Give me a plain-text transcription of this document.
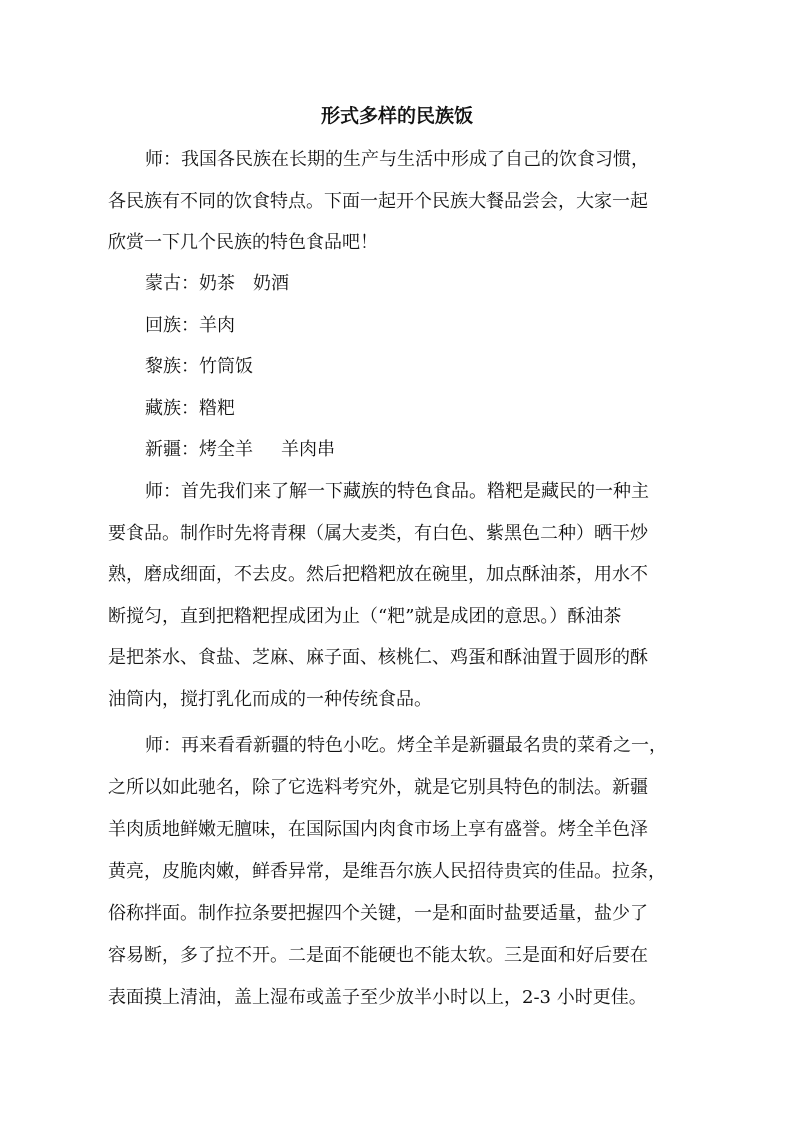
形式多样的民族饭
师：我国各民族在长期的生产与生活中形成了自己的饮食习惯，
各民族有不同的饮食特点。下面一起开个民族大餐品尝会，大家一起
欣赏一下几个民族的特色食品吧！
蒙古：奶茶 奶酒
回族：羊肉
黎族：竹筒饭
藏族：糌粑
新疆：烤全羊 羊肉串
师：首先我们来了解一下藏族的特色食品。糌粑是藏民的一种主
要食品。制作时先将青稞（属大麦类，有白色、紫黑色二种）晒干炒
熟，磨成细面，不去皮。然后把糌粑放在碗里，加点酥油茶，用水不
断搅匀，直到把糌粑捏成团为止（“粑”就是成团的意思。）酥油茶
是把茶水、食盐、芝麻、麻子面、核桃仁、鸡蛋和酥油置于圆形的酥
油筒内，搅打乳化而成的一种传统食品。
师：再来看看新疆的特色小吃。烤全羊是新疆最名贵的菜肴之一，
之所以如此驰名，除了它选料考究外，就是它别具特色的制法。新疆
羊肉质地鲜嫩无膻味，在国际国内肉食市场上享有盛誉。烤全羊色泽
黄亮，皮脆肉嫩，鲜香异常，是维吾尔族人民招待贵宾的佳品。拉条，
俗称拌面。制作拉条要把握四个关键，一是和面时盐要适量，盐少了
容易断，多了拉不开。二是面不能硬也不能太软。三是面和好后要在
表面摸上清油，盖上湿布或盖子至少放半小时以上，2-3 小时更佳。
